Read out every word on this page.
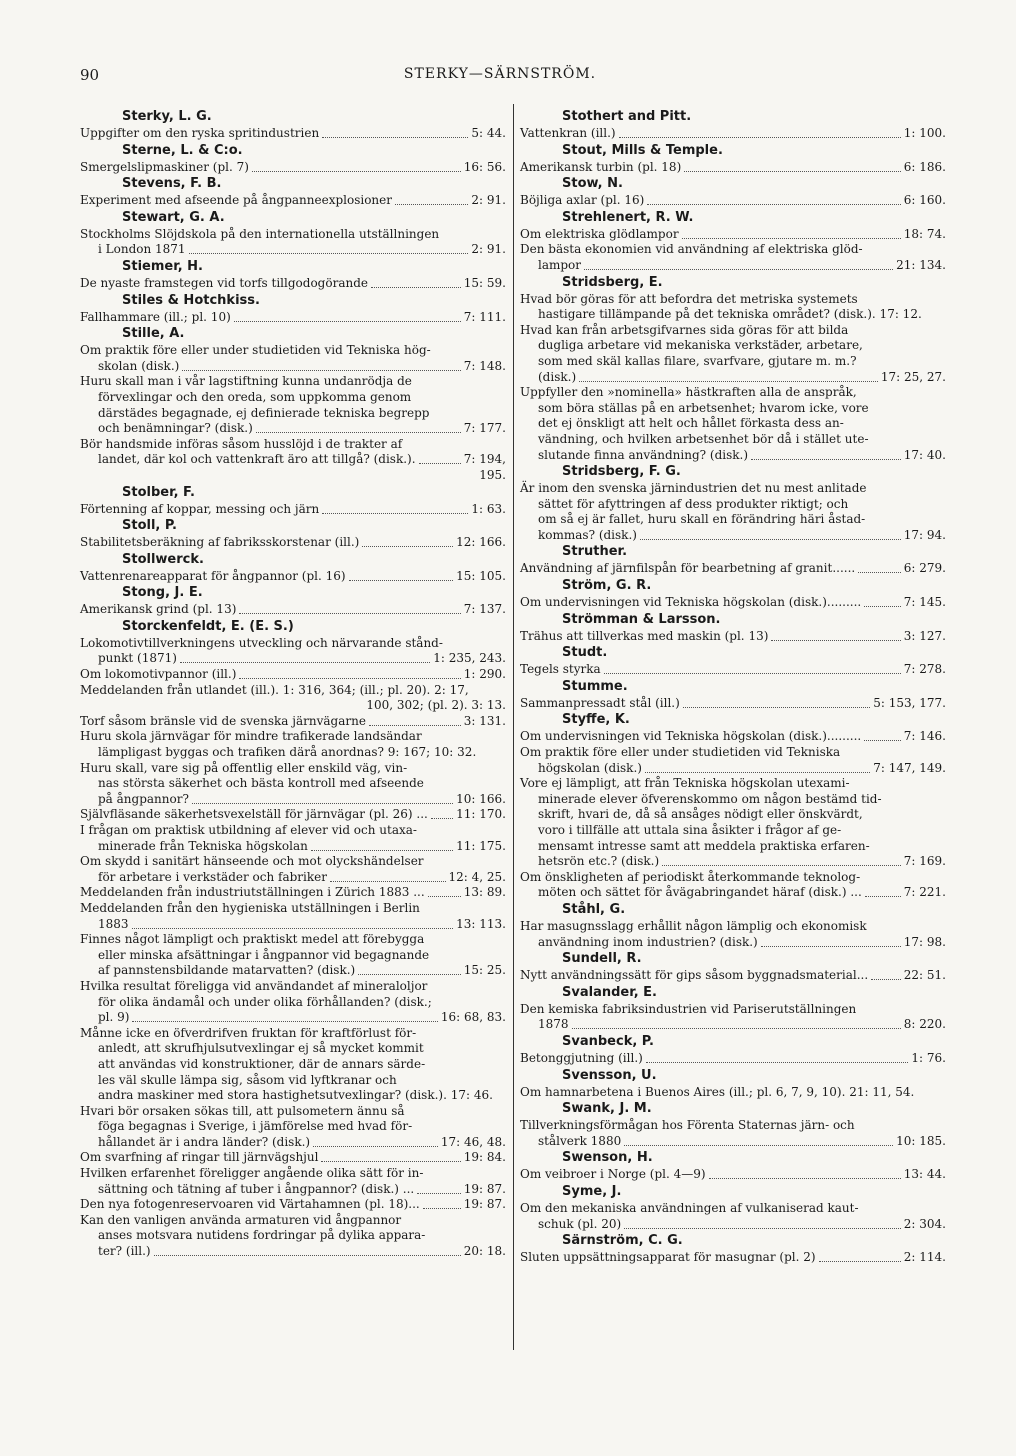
90	STERKY—SÄRNSTRÖM.
Sterky, L. G.
Uppgifter om den ryska spritindustrien	5: 44.
Sterne, L. & C:o.
Smergelslipmaskiner (pl. 7)	16: 56.
Stevens, F. B.
Experiment med afseende på ångpanneexplosioner	2: 91.
Stewart, G. A.
Stockholms Slöjdskola på den internationella utställningen
i London 1871	2: 91.
Stiemer, H.
De nyaste framstegen vid torfs tillgodogörande	15: 59.
Stiles & Hotchkiss.
Fallhammare (ill.; pl. 10)	7: 111.
Stille, A.
Om praktik före eller under studietiden vid Tekniska hög-
skolan (disk.)	7: 148.
Huru skall man i vår lagstiftning kunna undanrödja de
förvexlingar och den oreda, som uppkomma genom
därstädes begagnade, ej definierade tekniska begrepp
och benämningar? (disk.)	7: 177.
Bör handsmide införas såsom husslöjd i de trakter af
landet, där kol och vattenkraft äro att tillgå? (disk.).	7: 194,
195.
Stolber, F.
Förtenning af koppar, messing och järn	1: 63.
Stoll, P.
Stabilitetsberäkning af fabriksskorstenar (ill.)	12: 166.
Stollwerck.
Vattenrenareapparat för ångpannor (pl. 16)	15: 105.
Stong, J. E.
Amerikansk grind (pl. 13)	7: 137.
Storckenfeldt, E. (E. S.)
Lokomotivtillverkningens utveckling och närvarande stånd-
punkt (1871)	1: 235, 243.
Om lokomotivpannor (ill.)	1: 290.
Meddelanden från utlandet (ill.). 1: 316, 364; (ill.; pl. 20). 2: 17,
100, 302; (pl. 2). 3: 13.
Torf såsom bränsle vid de svenska järnvägarne	3: 131.
Huru skola järnvägar för mindre trafikerade landsändar
lämpligast byggas och trafiken därå anordnas? 9: 167; 10: 32.
Huru skall, vare sig på offentlig eller enskild väg, vin-
nas största säkerhet och bästa kontroll med afseende
på ångpannor?	10: 166.
Självfläsande säkerhetsvexelställ för järnvägar (pl. 26) ... 11: 170.
I frågan om praktisk utbildning af elever vid och utaxa-
minerade från Tekniska högskolan	11: 175.
Om skydd i sanitärt hänseende och mot olyckshändelser
för arbetare i verkstäder och fabriker	12: 4, 25.
Meddelanden från industriutställningen i Zürich 1883 ...	13: 89.
Meddelanden från den hygieniska utställningen i Berlin
1883	13: 113.
Finnes något lämpligt och praktiskt medel att förebygga
eller minska afsättningar i ångpannor vid begagnande
af pannstensbildande matarvatten? (disk.)	15: 25.
Hvilka resultat föreligga vid användandet af mineraloljor
för olika ändamål och under olika förhållanden? (disk.;
pl. 9)	16: 68, 83.
Månne icke en öfverdrifven fruktan för kraftförlust för-
anledt, att skrufhjulsutvexlingar ej så mycket kommit
att användas vid konstruktioner, där de annars särde-
les väl skulle lämpa sig, såsom vid lyftkranar och
andra maskiner med stora hastighetsutvexlingar? (disk.). 17: 46.
Hvari bör orsaken sökas till, att pulsometern ännu så
föga begagnas i Sverige, i jämförelse med hvad för-
hållandet är i andra länder? (disk.)	17: 46, 48.
Om svarfning af ringar till järnvägshjul	19: 84.
Hvilken erfarenhet föreligger angående olika sätt för in-
sättning och tätning af tuber i ångpannor? (disk.) ...	19: 87.
Den nya fotogenreservoaren vid Värtahamnen (pl. 18)...	19: 87.
Kan den vanligen använda armaturen vid ångpannor
anses motsvara nutidens fordringar på dylika appara-
ter? (ill.)	20: 18.
Stothert and Pitt.
Vattenkran (ill.)	1: 100.
Stout, Mills & Temple.
Amerikansk turbin (pl. 18)	6: 186.
Stow, N.
Böjliga axlar (pl. 16)	6: 160.
Strehlenert, R. W.
Om elektriska glödlampor	18: 74.
Den bästa ekonomien vid användning af elektriska glöd-
lampor	21: 134.
Stridsberg, E.
Hvad bör göras för att befordra det metriska systemets
hastigare tillämpande på det tekniska området? (disk.). 17: 12.
Hvad kan från arbetsgifvarnes sida göras för att bilda
dugliga arbetare vid mekaniska verkstäder, arbetare,
som med skäl kallas filare, svarfvare, gjutare m. m.?
(disk.)	17: 25, 27.
Uppfyller den »nominella» hästkraften alla de anspråk,
som böra ställas på en arbetsenhet; hvarom icke, vore
det ej önskligt att helt och hållet förkasta dess an-
vändning, och hvilken arbetsenhet bör då i stället ute-
slutande finna användning? (disk.)	17: 40.
Stridsberg, F. G.
Är inom den svenska järnindustrien det nu mest anlitade
sättet för afyttringen af dess produkter riktigt; och
om så ej är fallet, huru skall en förändring häri åstad-
kommas? (disk.)	17: 94.
Struther.
Användning af järnfilspån för bearbetning af granit......	6: 279.
Ström, G. R.
Om undervisningen vid Tekniska högskolan (disk.).........	7: 145.
Strömman & Larsson.
Trähus att tillverkas med maskin (pl. 13)	3: 127.
Studt.
Tegels styrka	7: 278.
Stumme.
Sammanpressadt stål (ill.)	5: 153, 177.
Styffe, K.
Om undervisningen vid Tekniska högskolan (disk.).........	7: 146.
Om praktik före eller under studietiden vid Tekniska
högskolan (disk.)	7: 147, 149.
Vore ej lämpligt, att från Tekniska högskolan utexami-
minerade elever öfverenskommo om någon bestämd tid-
skrift, hvari de, då så ansåges nödigt eller önskvärdt,
voro i tillfälle att uttala sina åsikter i frågor af ge-
mensamt intresse samt att meddela praktiska erfaren-
hetsrön etc.? (disk.)	7: 169.
Om önskligheten af periodiskt återkommande teknolog-
möten och sättet för åvägabringandet häraf (disk.) ...	7: 221.
Ståhl, G.
Har masugnsslagg erhållit någon lämplig och ekonomisk
användning inom industrien? (disk.)	17: 98.
Sundell, R.
Nytt användningssätt för gips såsom byggnadsmaterial...	22: 51.
Svalander, E.
Den kemiska fabriksindustrien vid Pariserutställningen
1878	8: 220.
Svanbeck, P.
Betonggjutning (ill.)	1: 76.
Svensson, U.
Om hamnarbetena i Buenos Aires (ill.; pl. 6, 7, 9, 10). 21: 11, 54.
Swank, J. M.
Tillverkningsförmågan hos Förenta Staternas järn- och
stålverk 1880	10: 185.
Swenson, H.
Om veibroer i Norge (pl. 4—9)	13: 44.
Syme, J.
Om den mekaniska användningen af vulkaniserad kaut-
schuk (pl. 20)	2: 304.
Särnström, C. G.
Sluten uppsättningsapparat för masugnar (pl. 2)	2: 114.
